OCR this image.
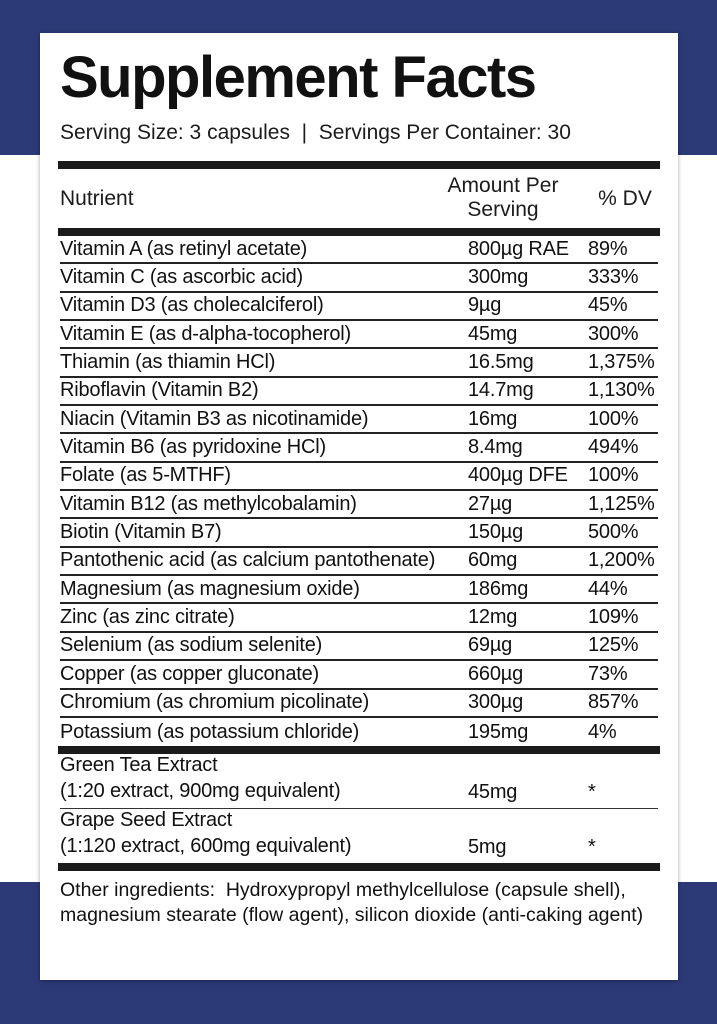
Supplement Facts
Serving Size: 3 capsules  |  Servings Per Container: 30
Nutrient
Amount Per Serving	% DV
Vitamin A (as retinyl acetate)	800µg RAE 89%
Vitamin C (as ascorbic acid)	300mg	333%
Vitamin D3 (as cholecalciferol)	9µg	45%
Vitamin E (as d-alpha-tocopherol)	45mg	300%
Thiamin (as thiamin HCl)	16.5mg	1,375%
Riboflavin (Vitamin B2)	14.7mg	1,130%
Niacin (Vitamin B3 as nicotinamide)	16mg	100%
Vitamin B6 (as pyridoxine HCl)	8.4mg	494%
Folate (as 5-MTHF)	400µg DFE	100%
Vitamin B12 (as methylcobalamin)	27µg	1,125%
Biotin (Vitamin B7)	150µg	500%
Pantothenic acid (as calcium pantothenate)	60mg	1,200%
Magnesium (as magnesium oxide)	186mg	44%
Zinc (as zinc citrate)	12mg	109%
Selenium (as sodium selenite)	69µg	125%
Copper (as copper gluconate)	660µg	73%
Chromium (as chromium picolinate)	300µg	857%
Potassium (as potassium chloride)	195mg	4%
Green Tea Extract
(1:20 extract, 900mg equivalent)	45mg	*
Grape Seed Extract
(1:120 extract, 600mg equivalent)	5mg	*
Other ingredients:  Hydroxypropyl methylcellulose (capsule shell), magnesium stearate (flow agent), silicon dioxide (anti-caking agent)
